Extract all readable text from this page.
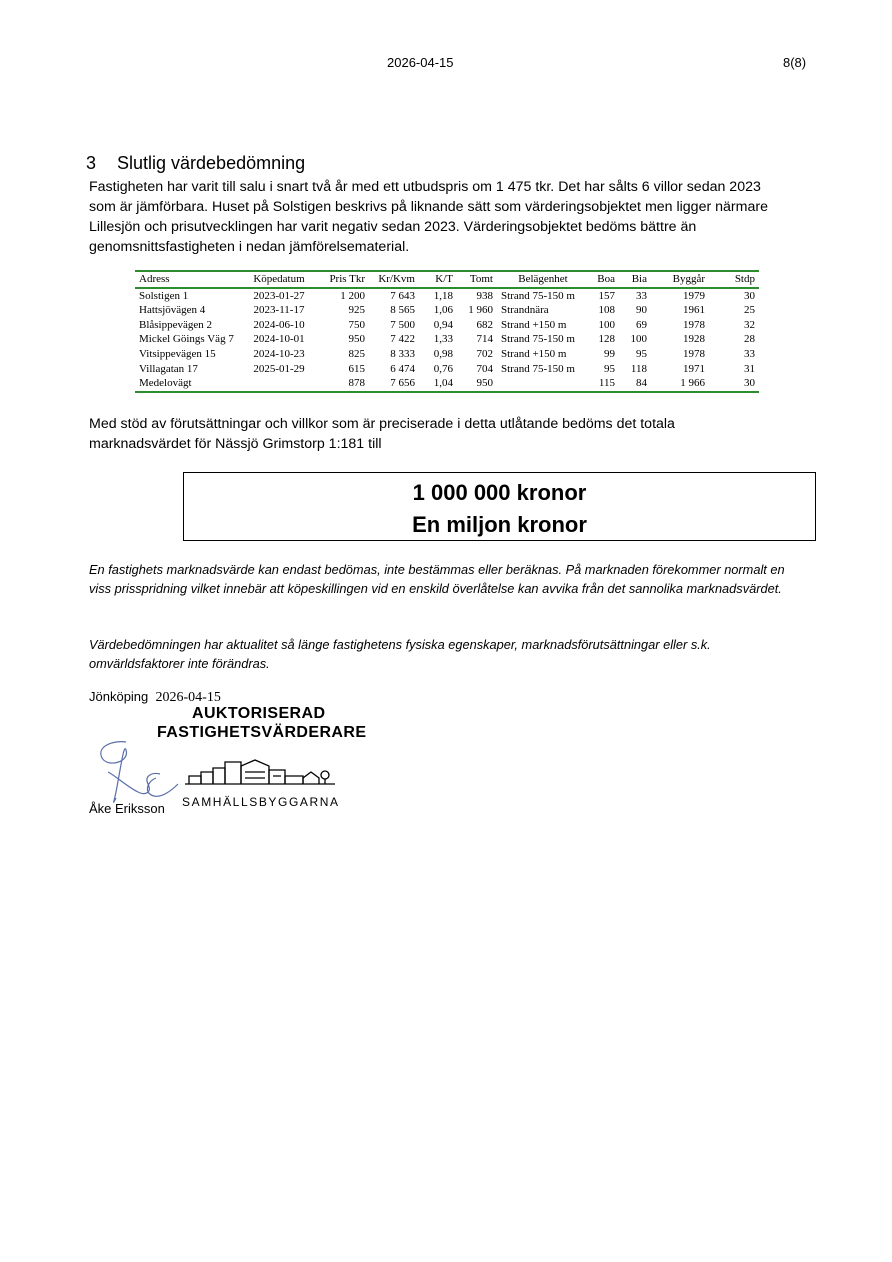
2026-04-15	8(8)
3 Slutlig värdebedömning
Fastigheten har varit till salu i snart två år med ett utbudspris om 1 475 tkr. Det har sålts 6 villor sedan 2023 som är jämförbara. Huset på Solstigen beskrivs på liknande sätt som värderingsobjektet men ligger närmare Lillesjön och prisutvecklingen har varit negativ sedan 2023. Värderingsobjektet bedöms bättre än genomsnittsfastigheten i nedan jämförelsematerial.
Adress	Köpedatum	Pris Tkr	Kr/Kvm	K/T	Tomt	Belägenhet	Boa	Bia	Byggår	Stdp
Solstigen 1	2023-01-27	1 200	7 643	1,18	938	Strand 75-150 m	157	33	1979	30
Hattsjövägen 4	2023-11-17	925	8 565	1,06	1 960	Strandnära	108	90	1961	25
Blåsippevägen 2	2024-06-10	750	7 500	0,94	682	Strand +150 m	100	69	1978	32
Mickel Göings Väg 7	2024-10-01	950	7 422	1,33	714	Strand 75-150 m	128	100	1928	28
Vitsippevägen 15	2024-10-23	825	8 333	0,98	702	Strand +150 m	99	95	1978	33
Villagatan 17	2025-01-29	615	6 474	0,76	704	Strand 75-150 m	95	118	1971	31
Medelovägt		878	7 656	1,04	950		115	84	1 966	30
Med stöd av förutsättningar och villkor som är preciserade i detta utlåtande bedöms det totala marknadsvärdet för Nässjö Grimstorp 1:181 till
1 000 000 kronor
En miljon kronor
En fastighets marknadsvärde kan endast bedömas, inte bestämmas eller beräknas. På marknaden förekommer normalt en viss prisspridning vilket innebär att köpeskillingen vid en enskild överlåtelse kan avvika från det sannolika marknadsvärdet.
Värdebedömningen har aktualitet så länge fastighetens fysiska egenskaper, marknadsförutsättningar eller s.k. omvärldsfaktorer inte förändras.
Jönköping 2026-04-15
AUKTORISERAD
FASTIGHETSVÄRDERARE
SAMHÄLLSBYGGARNA
Åke Eriksson
